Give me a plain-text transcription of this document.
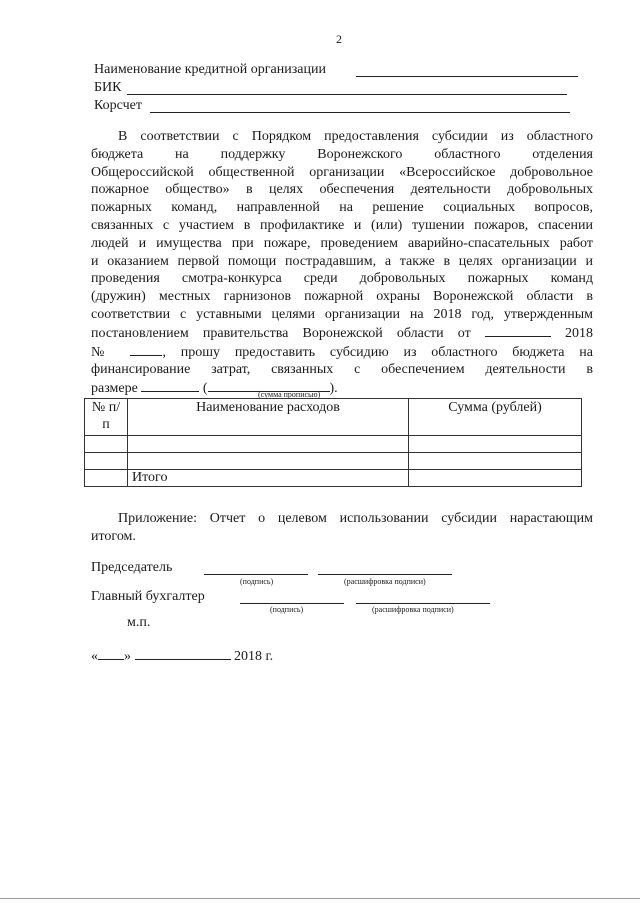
2
Наименование кредитной организации
БИК
Корсчет
В соответствии с Порядком предоставления субсидии из областного
бюджета на поддержку Воронежского областного отделения
Общероссийской общественной организации «Всероссийское добровольное
пожарное общество» в целях обеспечения деятельности добровольных
пожарных команд, направленной на решение социальных вопросов,
связанных с участием в профилактике и (или) тушении пожаров, спасении
людей и имущества при пожаре, проведением аварийно-спасательных работ
и оказанием первой помощи пострадавшим, а также в целях организации и
проведения смотра-конкурса среди добровольных пожарных команд
(дружин) местных гарнизонов пожарной охраны Воронежской области в
соответствии с уставными целями организации на 2018 год, утвержденным
постановлением правительства Воронежской области от	2018
№	, прошу предоставить субсидию из областного бюджета на
финансирование затрат, связанных с обеспечением деятельности в
размере	(	).
(сумма прописью)
№ п/п	Наименование расходов	Сумма (рублей)

	Итого	
Приложение: Отчет о целевом использовании субсидии нарастающим
итогом.
Председатель
(подпись)	(расшифровка подписи)
Главный бухгалтер
(подпись)	(расшифровка подписи)
м.п.
« »	2018 г.
